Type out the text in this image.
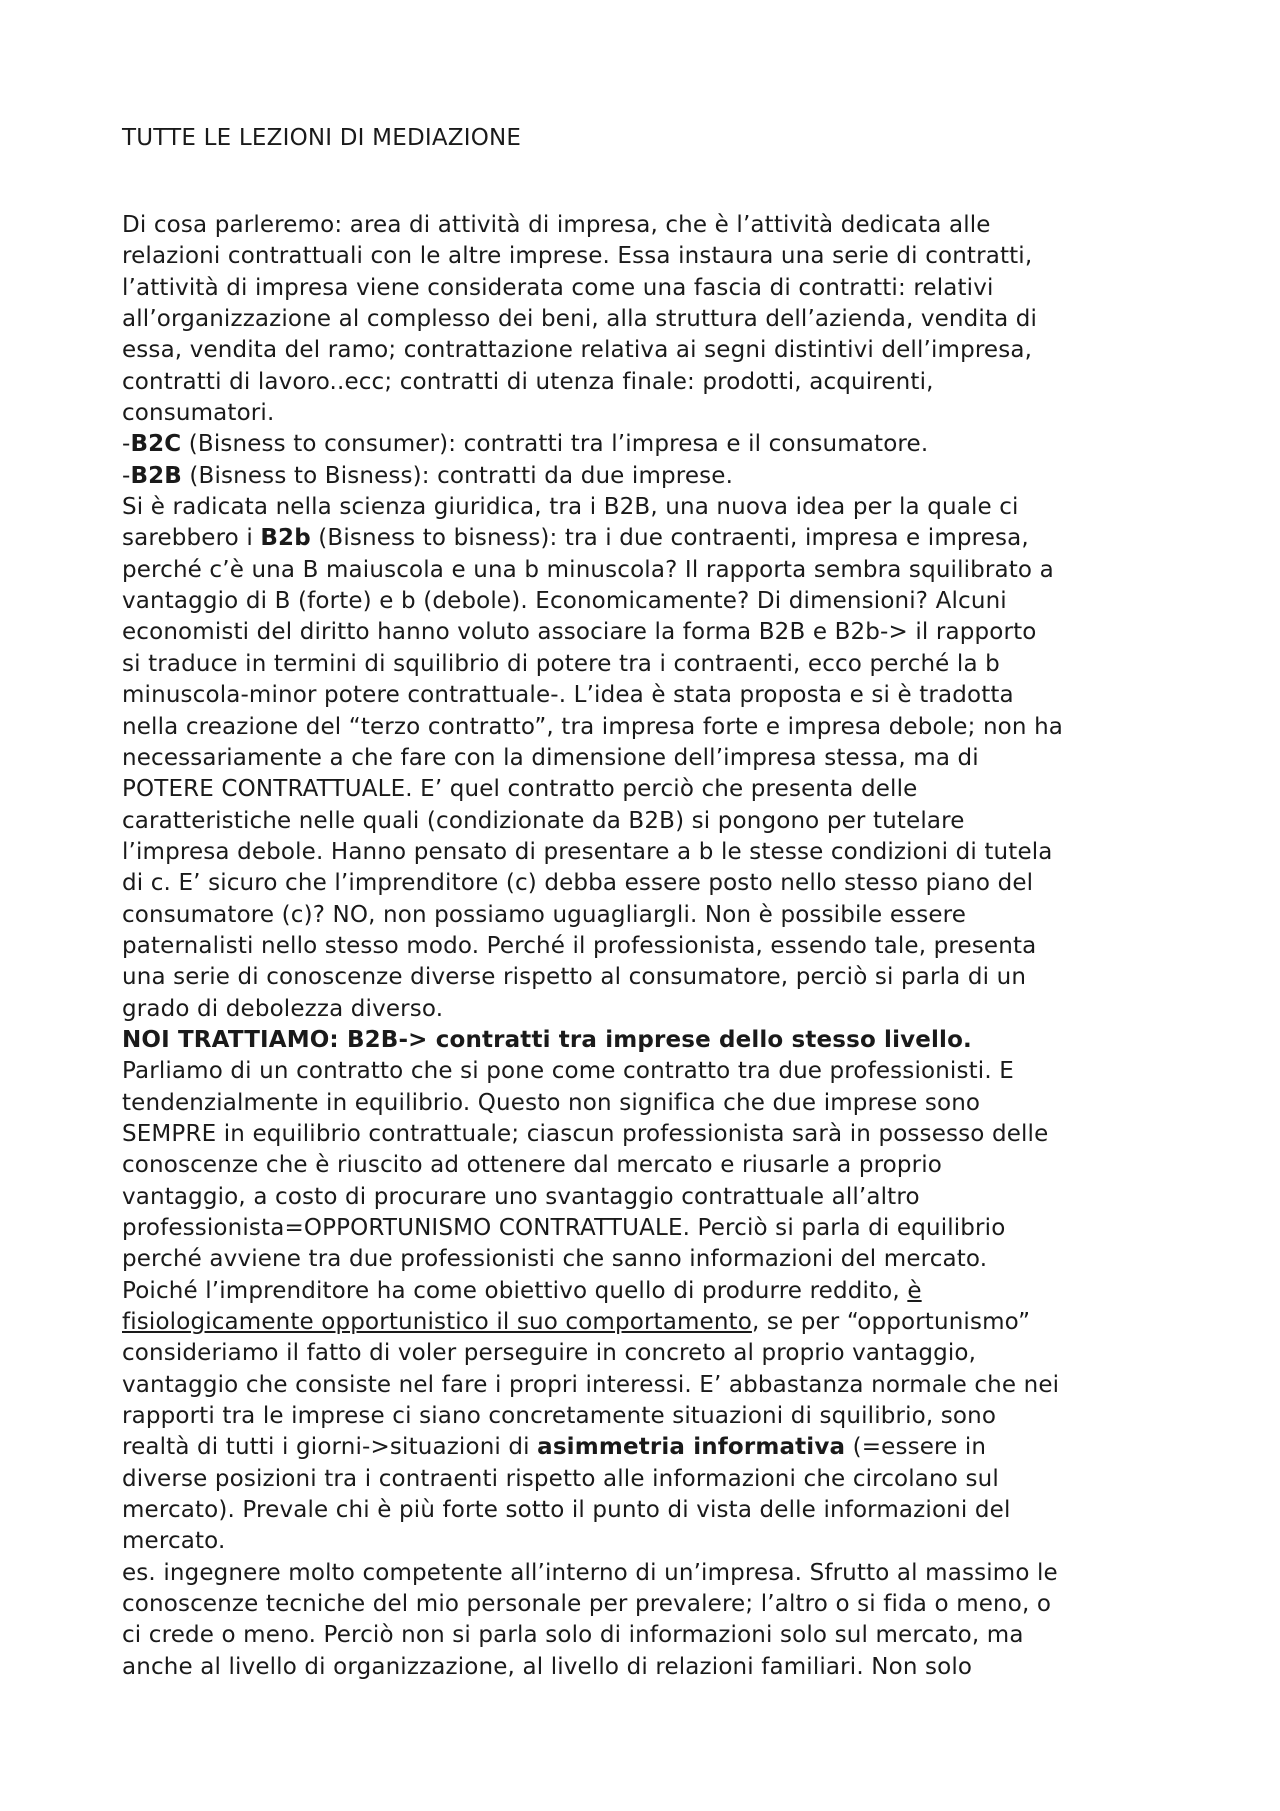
TUTTE LE LEZIONI DI MEDIAZIONE
Di cosa parleremo: area di attività di impresa, che è l’attività dedicata alle
relazioni contrattuali con le altre imprese. Essa instaura una serie di contratti,
l’attività di impresa viene considerata come una fascia di contratti: relativi
all’organizzazione al complesso dei beni, alla struttura dell’azienda, vendita di
essa, vendita del ramo; contrattazione relativa ai segni distintivi dell’impresa,
contratti di lavoro..ecc; contratti di utenza finale: prodotti, acquirenti,
consumatori.
-B2C (Bisness to consumer): contratti tra l’impresa e il consumatore.
-B2B (Bisness to Bisness): contratti da due imprese.
Si è radicata nella scienza giuridica, tra i B2B, una nuova idea per la quale ci
sarebbero i B2b (Bisness to bisness): tra i due contraenti, impresa e impresa,
perché c’è una B maiuscola e una b minuscola? Il rapporta sembra squilibrato a
vantaggio di B (forte) e b (debole). Economicamente? Di dimensioni? Alcuni
economisti del diritto hanno voluto associare la forma B2B e B2b-> il rapporto
si traduce in termini di squilibrio di potere tra i contraenti, ecco perché la b
minuscola-minor potere contrattuale-. L’idea è stata proposta e si è tradotta
nella creazione del “terzo contratto”, tra impresa forte e impresa debole; non ha
necessariamente a che fare con la dimensione dell’impresa stessa, ma di
POTERE CONTRATTUALE. E’ quel contratto perciò che presenta delle
caratteristiche nelle quali (condizionate da B2B) si pongono per tutelare
l’impresa debole. Hanno pensato di presentare a b le stesse condizioni di tutela
di c. E’ sicuro che l’imprenditore (c) debba essere posto nello stesso piano del
consumatore (c)? NO, non possiamo uguagliargli. Non è possibile essere
paternalisti nello stesso modo. Perché il professionista, essendo tale, presenta
una serie di conoscenze diverse rispetto al consumatore, perciò si parla di un
grado di debolezza diverso.
NOI TRATTIAMO: B2B-> contratti tra imprese dello stesso livello.
Parliamo di un contratto che si pone come contratto tra due professionisti. E
tendenzialmente in equilibrio. Questo non significa che due imprese sono
SEMPRE in equilibrio contrattuale; ciascun professionista sarà in possesso delle
conoscenze che è riuscito ad ottenere dal mercato e riusarle a proprio
vantaggio, a costo di procurare uno svantaggio contrattuale all’altro
professionista=OPPORTUNISMO CONTRATTUALE. Perciò si parla di equilibrio
perché avviene tra due professionisti che sanno informazioni del mercato.
Poiché l’imprenditore ha come obiettivo quello di produrre reddito, è
fisiologicamente opportunistico il suo comportamento, se per “opportunismo”
consideriamo il fatto di voler perseguire in concreto al proprio vantaggio,
vantaggio che consiste nel fare i propri interessi. E’ abbastanza normale che nei
rapporti tra le imprese ci siano concretamente situazioni di squilibrio, sono
realtà di tutti i giorni->situazioni di asimmetria informativa (=essere in
diverse posizioni tra i contraenti rispetto alle informazioni che circolano sul
mercato). Prevale chi è più forte sotto il punto di vista delle informazioni del
mercato.
es. ingegnere molto competente all’interno di un’impresa. Sfrutto al massimo le
conoscenze tecniche del mio personale per prevalere; l’altro o si fida o meno, o
ci crede o meno. Perciò non si parla solo di informazioni solo sul mercato, ma
anche al livello di organizzazione, al livello di relazioni familiari. Non solo
